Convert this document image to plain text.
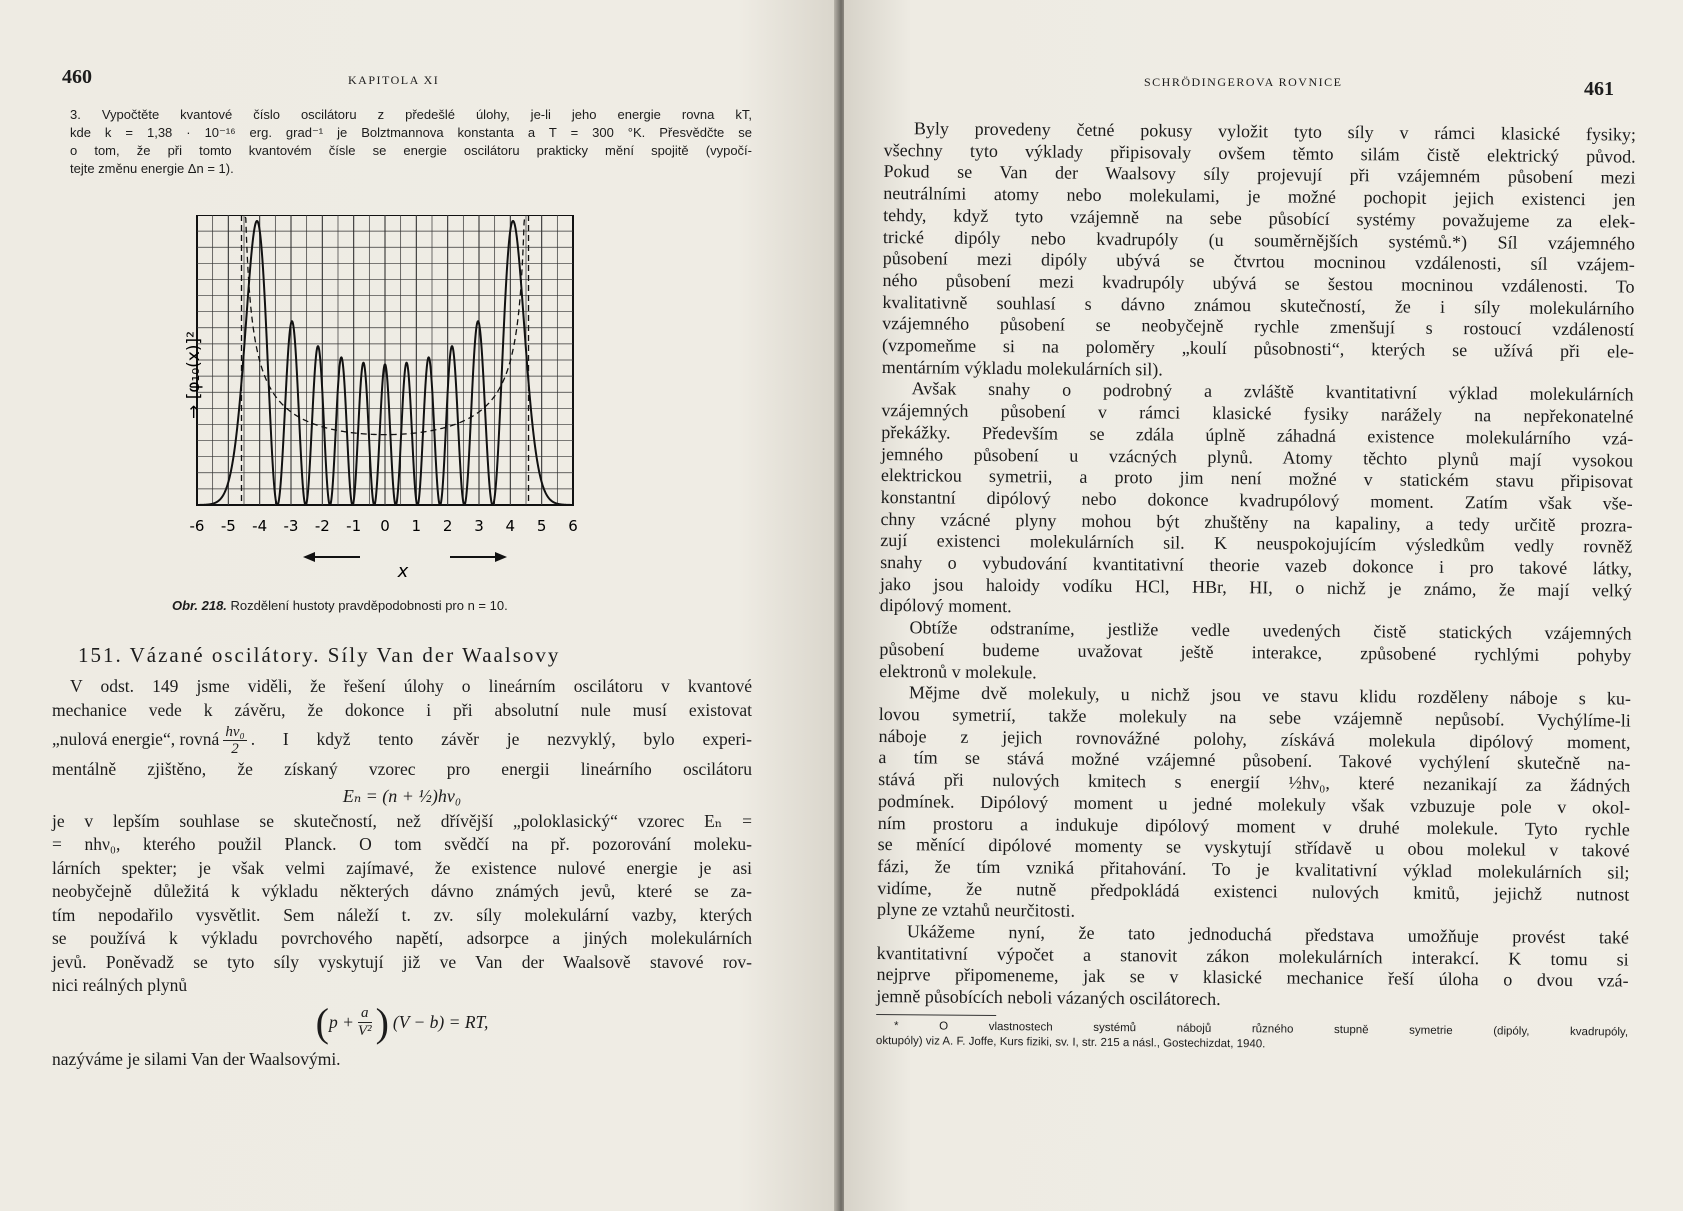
460	KAPITOLA XI
3. Vypočtěte kvantové číslo oscilátoru z předešlé úlohy, je-li jeho energie rovna kT,
kde k = 1,38 · 10⁻¹⁶ erg. grad⁻¹ je Bolztmannova konstanta a T = 300 °K. Přesvědčte se
o tom, že při tomto kvantovém čísle se energie oscilátoru prakticky mění spojitě (vypočí-
tejte změnu energie Δn = 1).
→ [φ₁₀(x)]²
-6 -5 -4 -3 -2 -1 0 1 2 3 4 5 6
x
Obr. 218. Rozdělení hustoty pravděpodobnosti pro n = 10.
151. Vázané oscilátory. Síly Van der Waalsovy
V odst. 149 jsme viděli, že řešení úlohy o lineárním oscilátoru v kvantové
mechanice vede k závěru, že dokonce i při absolutní nule musí existovat
„nulová energie“, rovná $\frac{\text{hν₀}}{2}$ . I když tento závěr je nezvyklý, bylo experi-
mentálně zjištěno, že získaný vzorec pro energii lineárního oscilátoru
Eₙ = (n + ½)hν₀
je v lepším souhlase se skutečností, než dřívější „poloklasický“ vzorec Eₙ =
= nhν₀, kterého použil Planck. O tom svědčí na př. pozorování moleku-
lárních spekter; je však velmi zajímavé, že existence nulové energie je asi
neobyčejně důležitá k výkladu některých dávno známých jevů, které se za-
tím nepodařilo vysvětlit. Sem náleží t. zv. síly molekulární vazby, kterých
se používá k výkladu povrchového napětí, adsorpce a jiných molekulárních
jevů. Poněvadž se tyto síly vyskytují již ve Van der Waalsově stavové rov-
nici reálných plynů
( $p + \frac{a}{\text{V²}}$ ) (V − b) = RT,
nazýváme je silami Van der Waalsovými.
SCHRÖDINGEROVA ROVNICE	461
Byly provedeny četné pokusy vyložit tyto síly v rámci klasické fysiky;
všechny tyto výklady připisovaly ovšem těmto silám čistě elektrický původ.
Pokud se Van der Waalsovy síly projevují při vzájemném působení mezi
neutrálními atomy nebo molekulami, je možné pochopit jejich existenci jen
tehdy, když tyto vzájemně na sebe působící systémy považujeme za elek-
trické dipóly nebo kvadrupóly (u souměrnějších systémů.*) Síl vzájemného
působení mezi dipóly ubývá se čtvrtou mocninou vzdálenosti, síl vzájem-
ného působení mezi kvadrupóly ubývá se šestou mocninou vzdálenosti. To
kvalitativně souhlasí s dávno známou skutečností, že i síly molekulárního
vzájemného působení se neobyčejně rychle zmenšují s rostoucí vzdáleností
(vzpomeňme si na poloměry „koulí působnosti“, kterých se užívá při ele-
mentárním výkladu molekulárních sil).
Avšak snahy o podrobný a zvláště kvantitativní výklad molekulárních
vzájemných působení v rámci klasické fysiky narážely na nepřekonatelné
překážky. Především se zdála úplně záhadná existence molekulárního vzá-
jemného působení u vzácných plynů. Atomy těchto plynů mají vysokou
elektrickou symetrii, a proto jim není možné v statickém stavu připisovat
konstantní dipólový nebo dokonce kvadrupólový moment. Zatím však vše-
chny vzácné plyny mohou být zhuštěny na kapaliny, a tedy určitě prozra-
zují existenci molekulárních sil. K neuspokojujícím výsledkům vedly rovněž
snahy o vybudování kvantitativní theorie vazeb dokonce i pro takové látky,
jako jsou haloidy vodíku HCl, HBr, HI, o nichž je známo, že mají velký
dipólový moment.
Obtíže odstraníme, jestliže vedle uvedených čistě statických vzájemných
působení budeme uvažovat ještě interakce, způsobené rychlými pohyby
elektronů v molekule.
Mějme dvě molekuly, u nichž jsou ve stavu klidu rozděleny náboje s ku-
lovou symetrií, takže molekuly na sebe vzájemně nepůsobí. Vychýlíme-li
náboje z jejich rovnovážné polohy, získává molekula dipólový moment,
a tím se stává možné vzájemné působení. Takové vychýlení skutečně na-
stává při nulových kmitech s energií ½hν₀, které nezanikají za žádných
podmínek. Dipólový moment u jedné molekuly však vzbuzuje pole v okol-
ním prostoru a indukuje dipólový moment v druhé molekule. Tyto rychle
se měnící dipólové momenty se vyskytují střídavě u obou molekul v takové
fázi, že tím vzniká přitahování. To je kvalitativní výklad molekulárních sil;
vidíme, že nutně předpokládá existenci nulových kmitů, jejichž nutnost
plyne ze vztahů neurčitosti.
Ukážeme nyní, že tato jednoduchá představa umožňuje provést také
kvantitativní výpočet a stanovit zákon molekulárních interakcí. K tomu si
nejprve připomeneme, jak se v klasické mechanice řeší úloha o dvou vzá-
jemně působících neboli vázaných oscilátorech.
* O vlastnostech systémů nábojů různého stupně symetrie (dipóly, kvadrupóly,
oktupóly) viz A. F. Joffe, Kurs fiziki, sv. I, str. 215 a násl., Gostechizdat, 1940.
